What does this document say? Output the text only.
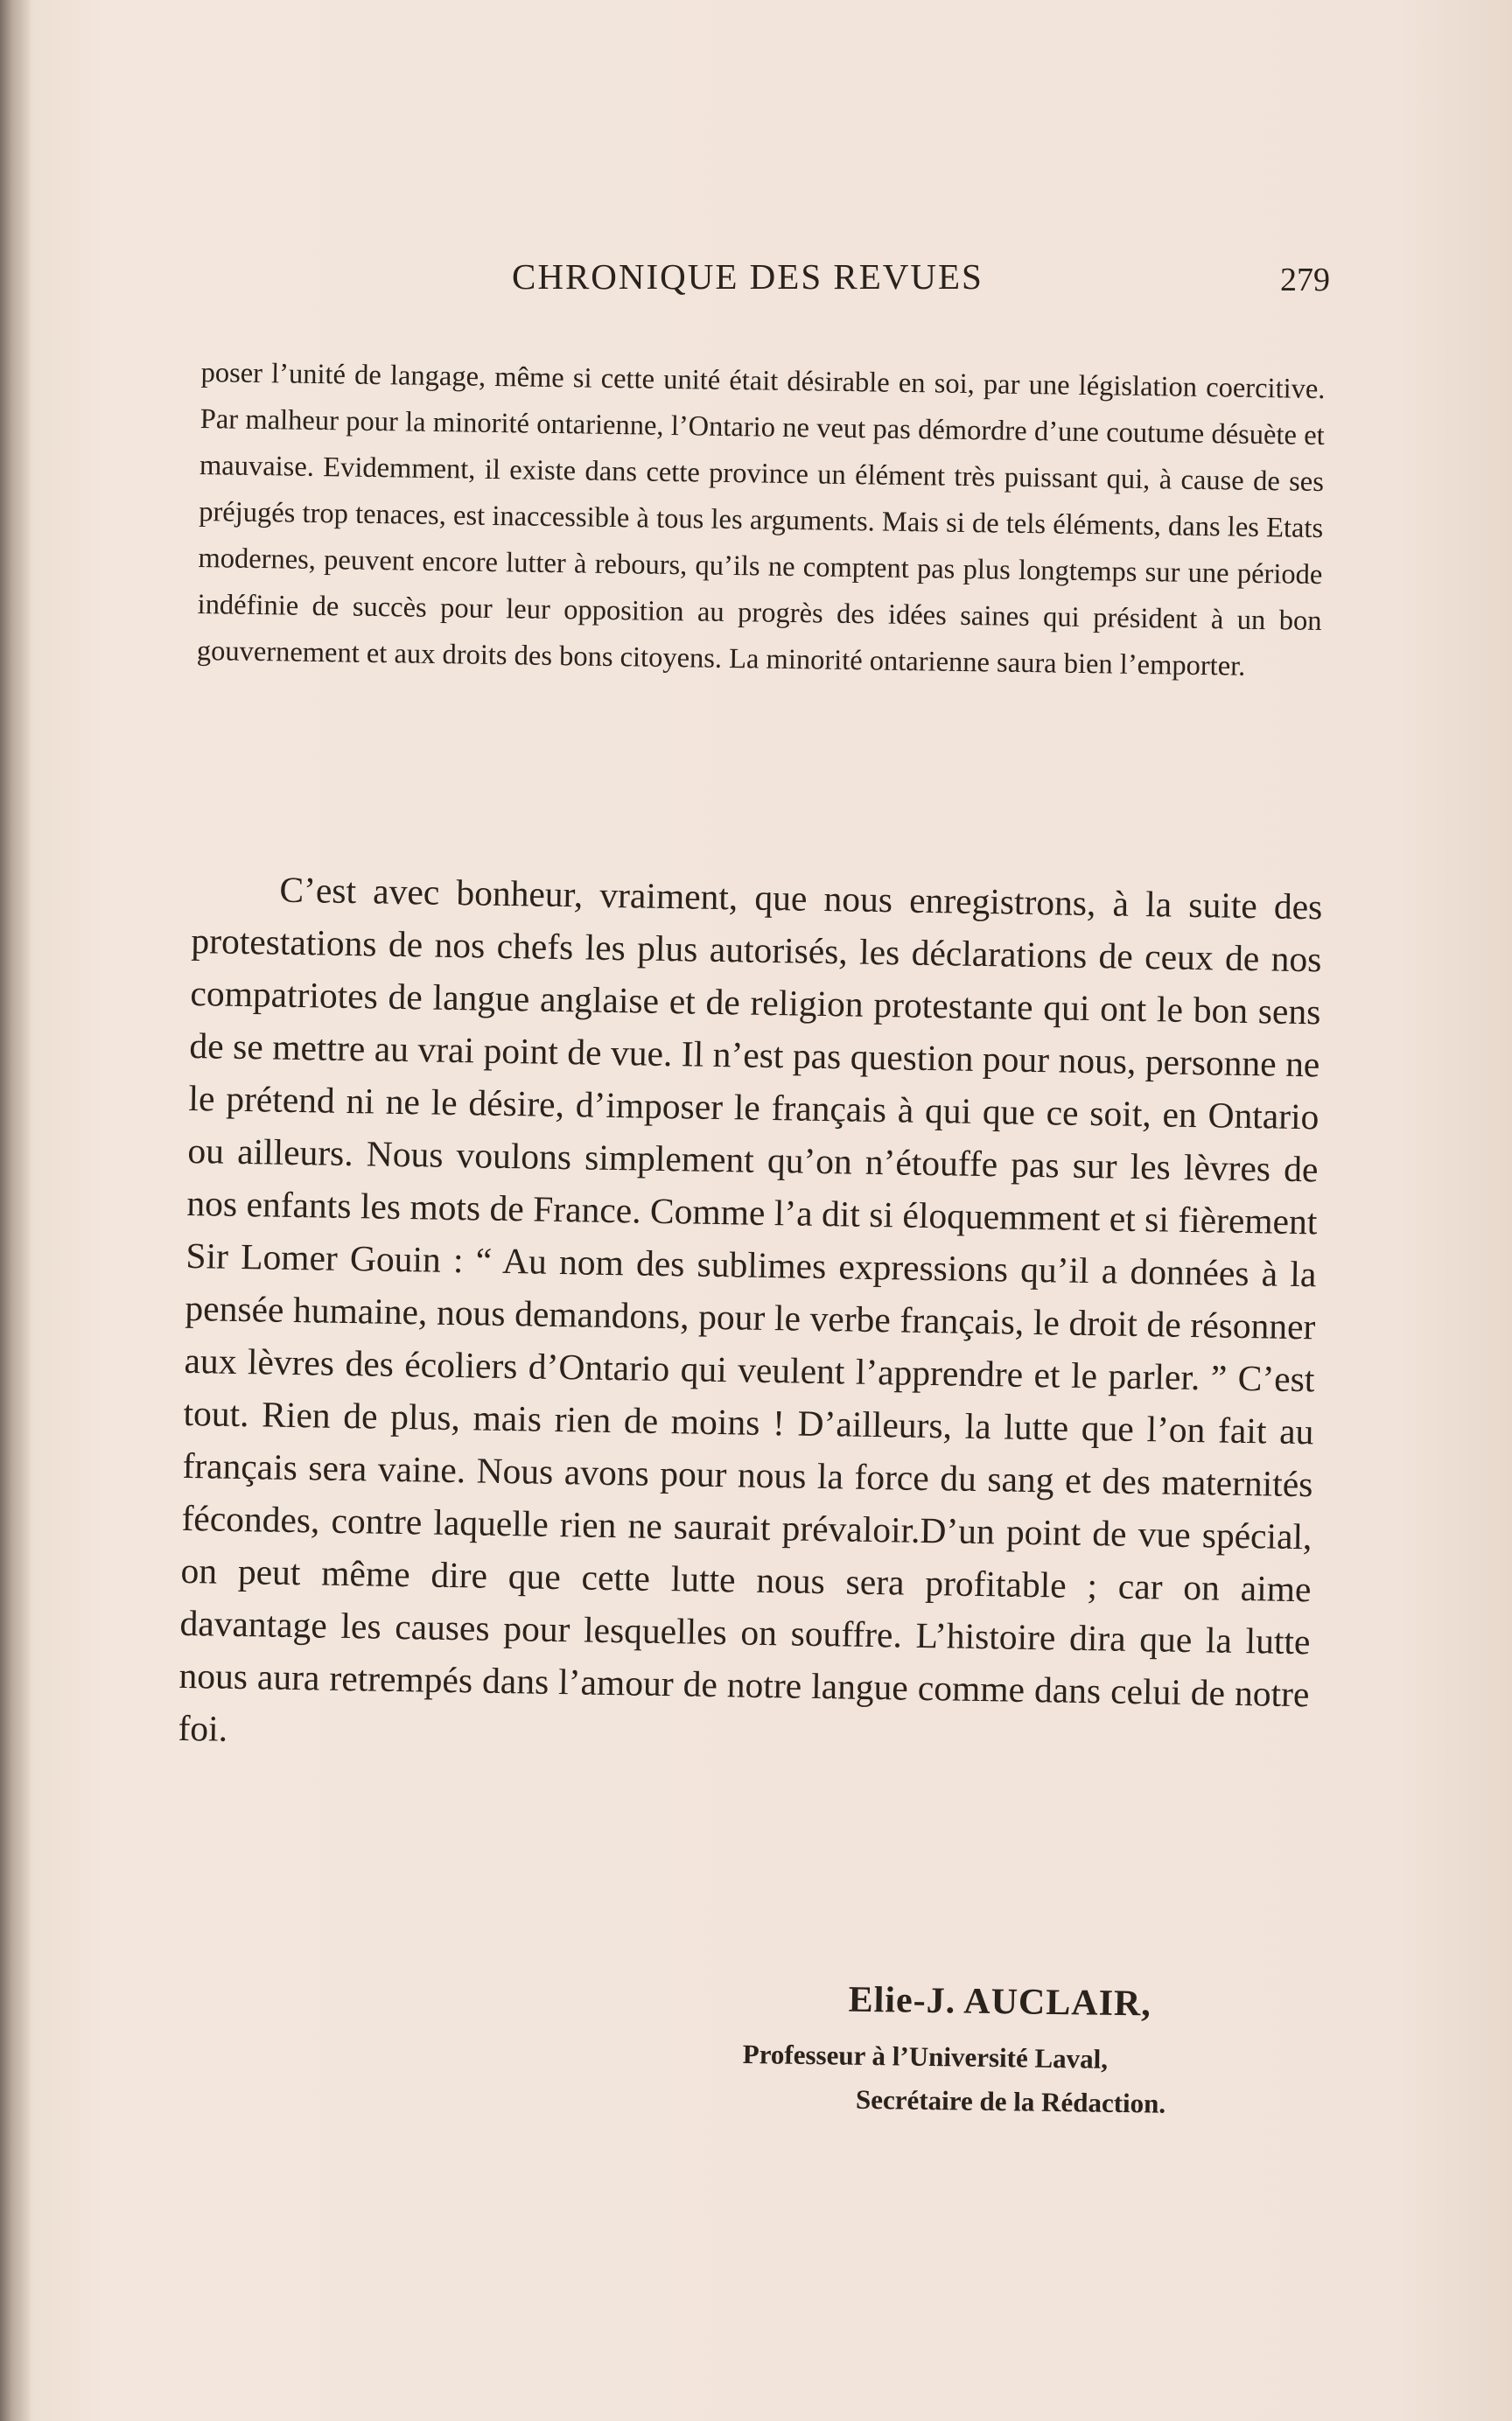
CHRONIQUE DES REVUES	279

poser l’unité de langage, même si cette unité était désirable en soi, par une législation coercitive. Par malheur pour la minorité ontarienne, l’Ontario ne veut pas démordre d’une coutume désuète et mauvaise. Evidemment, il existe dans cette province un élément très puissant qui, à cause de ses préjugés trop tenaces, est inaccessible à tous les arguments. Mais si de tels éléments, dans les Etats modernes, peuvent encore lutter à rebours, qu’ils ne comptent pas plus longtemps sur une période indéfinie de succès pour leur opposition au progrès des idées saines qui président à un bon gouvernement et aux droits des bons citoyens. La minorité ontarienne saura bien l’emporter.

C’est avec bonheur, vraiment, que nous enregistrons, à la suite des protestations de nos chefs les plus autorisés, les déclarations de ceux de nos compatriotes de langue anglaise et de religion protestante qui ont le bon sens de se mettre au vrai point de vue. Il n’est pas question pour nous, personne ne le prétend ni ne le désire, d’imposer le français à qui que ce soit, en Ontario ou ailleurs. Nous voulons simplement qu’on n’étouffe pas sur les lèvres de nos enfants les mots de France. Comme l’a dit si éloquemment et si fièrement Sir Lomer Gouin : “ Au nom des sublimes expressions qu’il a données à la pensée humaine, nous demandons, pour le verbe français, le droit de résonner aux lèvres des écoliers d’Ontario qui veulent l’apprendre et le parler. ” C’est tout. Rien de plus, mais rien de moins ! D’ailleurs, la lutte que l’on fait au français sera vaine. Nous avons pour nous la force du sang et des maternités fécondes, contre laquelle rien ne saurait prévaloir.D’un point de vue spécial, on peut même dire que cette lutte nous sera profitable ; car on aime davantage les causes pour lesquelles on souffre. L’histoire dira que la lutte nous aura retrempés dans l’amour de notre langue comme dans celui de notre foi.

Elie-J. AUCLAIR,
Professeur à l’Université Laval,
Secrétaire de la Rédaction.
